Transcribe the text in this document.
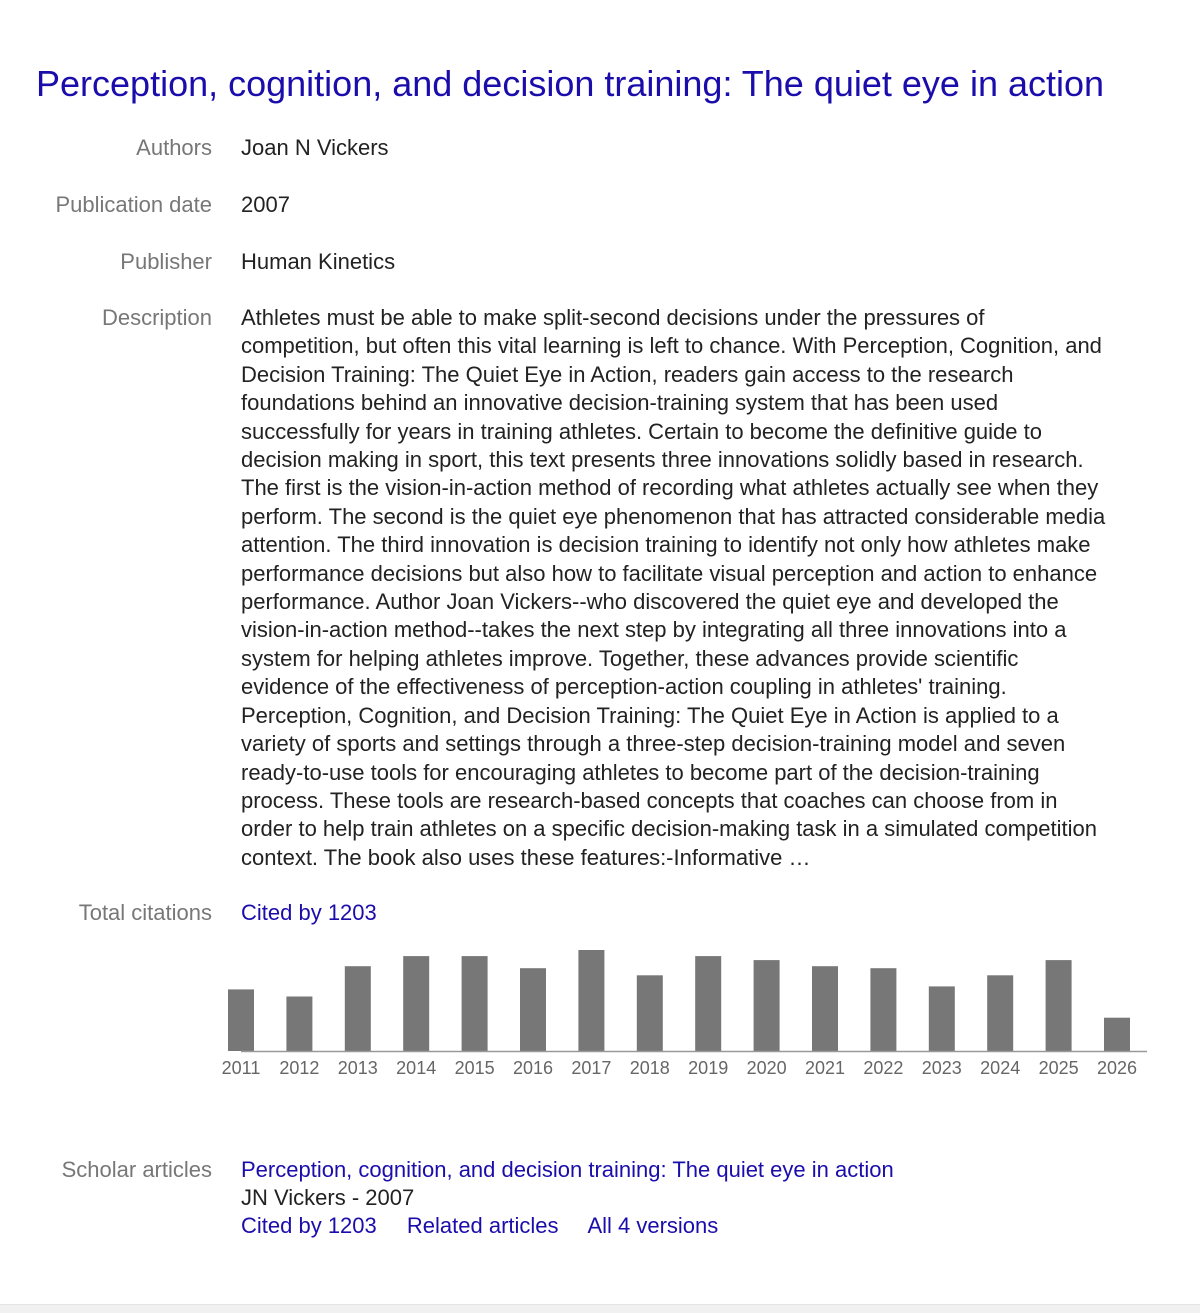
Perception, cognition, and decision training: The quiet eye in action
Authors Joan N Vickers
Publication date 2007
Publisher Human Kinetics
Description Athletes must be able to make split-second decisions under the pressures of
competition, but often this vital learning is left to chance. With Perception, Cognition, and
Decision Training: The Quiet Eye in Action, readers gain access to the research
foundations behind an innovative decision-training system that has been used
successfully for years in training athletes. Certain to become the definitive guide to
decision making in sport, this text presents three innovations solidly based in research.
The first is the vision-in-action method of recording what athletes actually see when they
perform. The second is the quiet eye phenomenon that has attracted considerable media
attention. The third innovation is decision training to identify not only how athletes make
performance decisions but also how to facilitate visual perception and action to enhance
performance. Author Joan Vickers--who discovered the quiet eye and developed the
vision-in-action method--takes the next step by integrating all three innovations into a
system for helping athletes improve. Together, these advances provide scientific
evidence of the effectiveness of perception-action coupling in athletes' training.
Perception, Cognition, and Decision Training: The Quiet Eye in Action is applied to a
variety of sports and settings through a three-step decision-training model and seven
ready-to-use tools for encouraging athletes to become part of the decision-training
process. These tools are research-based concepts that coaches can choose from in
order to help train athletes on a specific decision-making task in a simulated competition
context. The book also uses these features:-Informative …
Total citations Cited by 1203
2011 2012 2013 2014 2015 2016 2017 2018 2019 2020 2021 2022 2023 2024 2025 2026
Scholar articles Perception, cognition, and decision training: The quiet eye in action
JN Vickers - 2007
Cited by 1203 Related articles All 4 versions
